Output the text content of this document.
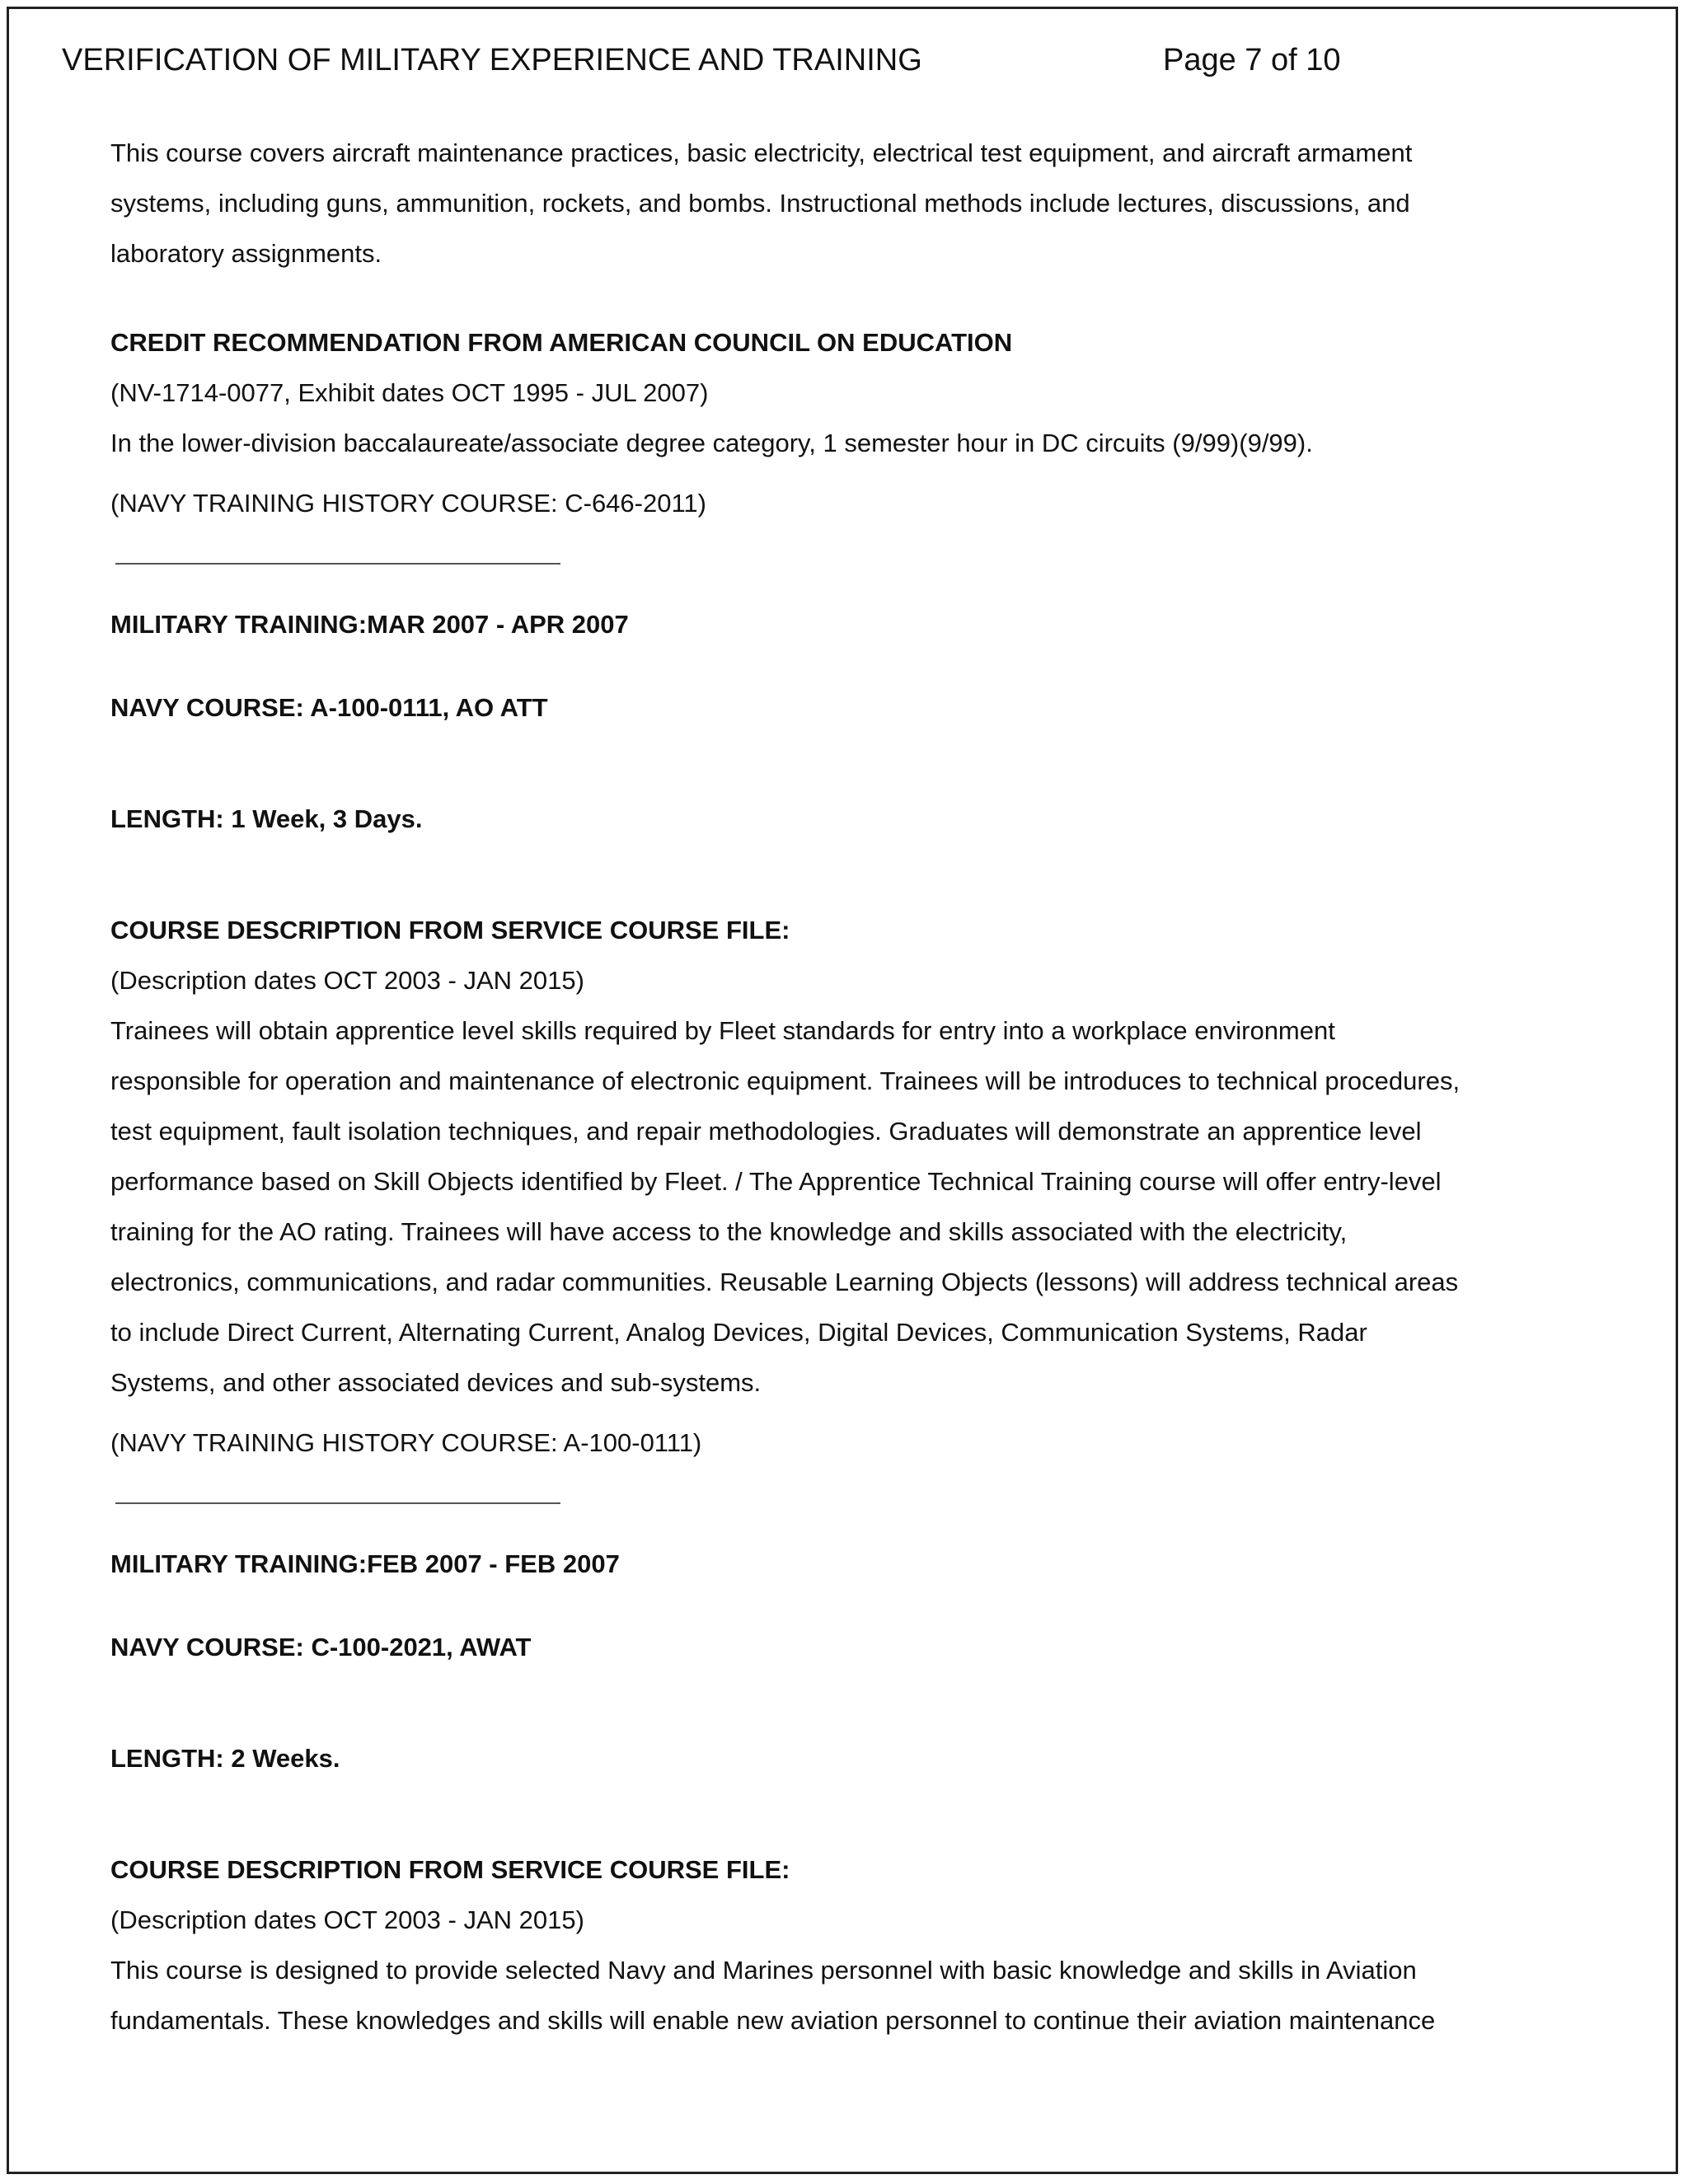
VERIFICATION OF MILITARY EXPERIENCE AND TRAINING	Page 7 of 10

This course covers aircraft maintenance practices, basic electricity, electrical test equipment, and aircraft armament

systems, including guns, ammunition, rockets, and bombs. Instructional methods include lectures, discussions, and

laboratory assignments.

CREDIT RECOMMENDATION FROM AMERICAN COUNCIL ON EDUCATION

(NV-1714-0077, Exhibit dates OCT 1995 - JUL 2007)

In the lower-division baccalaureate/associate degree category, 1 semester hour in DC circuits (9/99)(9/99).

(NAVY TRAINING HISTORY COURSE: C-646-2011)

MILITARY TRAINING:MAR 2007 - APR 2007

NAVY COURSE: A-100-0111, AO ATT

LENGTH: 1 Week, 3 Days.

COURSE DESCRIPTION FROM SERVICE COURSE FILE:

(Description dates OCT 2003 - JAN 2015)

Trainees will obtain apprentice level skills required by Fleet standards for entry into a workplace environment

responsible for operation and maintenance of electronic equipment. Trainees will be introduces to technical procedures,

test equipment, fault isolation techniques, and repair methodologies. Graduates will demonstrate an apprentice level

performance based on Skill Objects identified by Fleet. / The Apprentice Technical Training course will offer entry-level

training for the AO rating. Trainees will have access to the knowledge and skills associated with the electricity,

electronics, communications, and radar communities. Reusable Learning Objects (lessons) will address technical areas

to include Direct Current, Alternating Current, Analog Devices, Digital Devices, Communication Systems, Radar

Systems, and other associated devices and sub-systems.

(NAVY TRAINING HISTORY COURSE: A-100-0111)

MILITARY TRAINING:FEB 2007 - FEB 2007

NAVY COURSE: C-100-2021, AWAT

LENGTH: 2 Weeks.

COURSE DESCRIPTION FROM SERVICE COURSE FILE:

(Description dates OCT 2003 - JAN 2015)

This course is designed to provide selected Navy and Marines personnel with basic knowledge and skills in Aviation

fundamentals. These knowledges and skills will enable new aviation personnel to continue their aviation maintenance
